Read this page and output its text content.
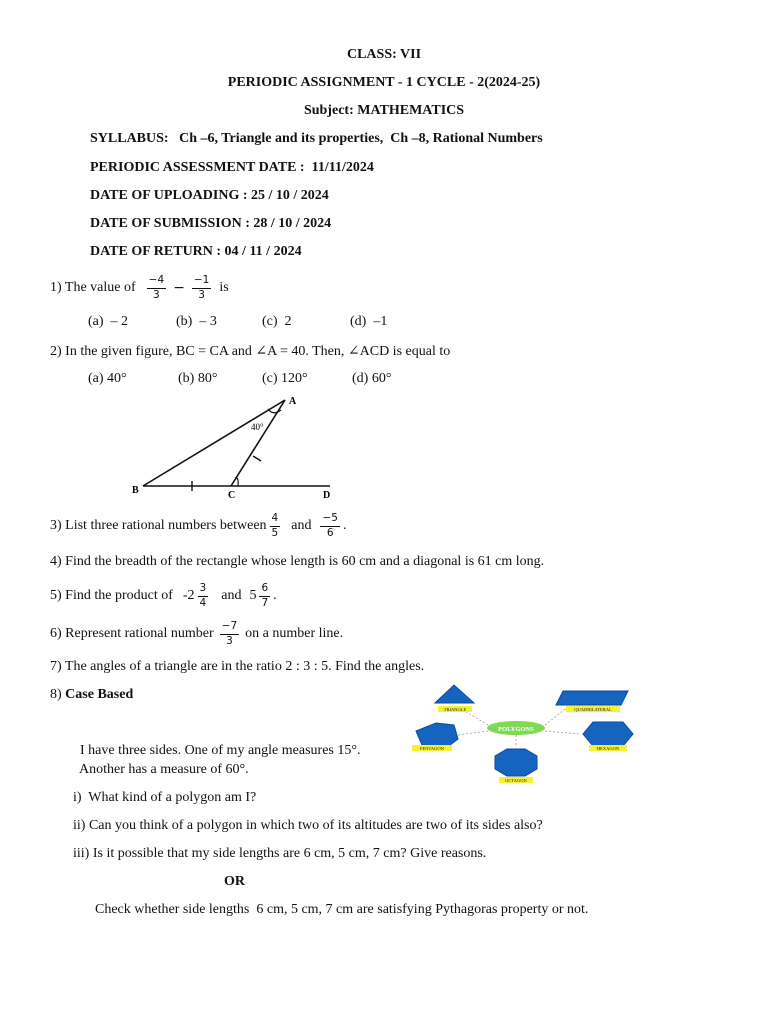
CLASS: VII
PERIODIC ASSIGNMENT - 1 CYCLE - 2(2024-25)
Subject: MATHEMATICS
SYLLABUS:   Ch –6, Triangle and its properties,  Ch –8, Rational Numbers
PERIODIC ASSESSMENT DATE :  11/11/2024
DATE OF UPLOADING : 25 / 10 / 2024
DATE OF SUBMISSION : 28 / 10 / 2024
DATE OF RETURN : 04 / 11 / 2024
1) The value of $\frac{-4}{3} - \frac{-1}{3}$ is
(a)  – 2	(b)  – 3	(c)  2	(d)  –1
2) In the given figure, BC = CA and ∠A = 40. Then, ∠ACD is equal to
(a) 40°	(b) 80°	(c) 120°	(d) 60°
A
B	C	D
40°
3) List three rational numbers between $\frac{4}{5}$ and $\frac{-5}{6}$ .
4) Find the breadth of the rectangle whose length is 60 cm and a diagonal is 61 cm long.
5) Find the product of $-2 \frac{3}{4}$ and $5 \frac{6}{7}$ .
6) Represent rational number $\frac{-7}{3}$ on a number line.
7) The angles of a triangle are in the ratio 2 : 3 : 5. Find the angles.
8) Case Based
POLYGONS
TRIANGLE	QUADRILATERAL
PENTAGON	HEXAGON
OCTAGON
I have three sides. One of my angle measures 15°.
Another has a measure of 60°.
i)  What kind of a polygon am I?
ii) Can you think of a polygon in which two of its altitudes are two of its sides also?
iii) Is it possible that my side lengths are 6 cm, 5 cm, 7 cm? Give reasons.
OR
Check whether side lengths  6 cm, 5 cm, 7 cm are satisfying Pythagoras property or not.
